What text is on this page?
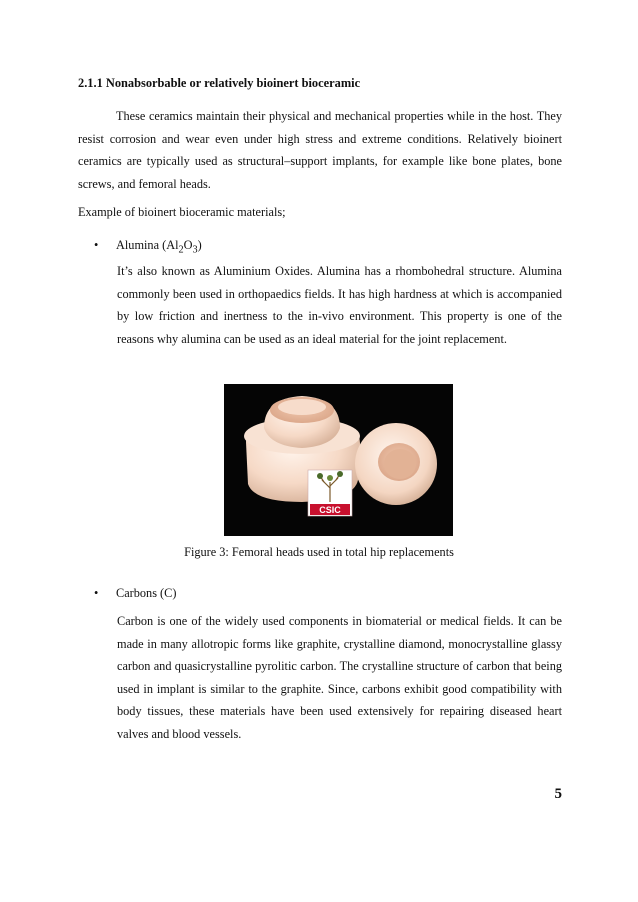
2.1.1 Nonabsorbable or relatively bioinert bioceramic
These ceramics maintain their physical and mechanical properties while in the host. They resist corrosion and wear even under high stress and extreme conditions. Relatively bioinert ceramics are typically used as structural–support implants, for example like bone plates, bone screws, and femoral heads.
Example of bioinert bioceramic materials;
• Alumina $(Al_2O_3)$
It’s also known as Aluminium Oxides. Alumina has a rhombohedral structure. Alumina commonly been used in orthopaedics fields. It has high hardness at which is accompanied by low friction and inertness to the in-vivo environment. This property is one of the reasons why alumina can be used as an ideal material for the joint replacement.
CSIC
Figure 3: Femoral heads used in total hip replacements
• Carbons (C)
Carbon is one of the widely used components in biomaterial or medical fields. It can be made in many allotropic forms like graphite, crystalline diamond, monocrystalline glassy carbon and quasicrystalline pyrolitic carbon. The crystalline structure of carbon that being used in implant is similar to the graphite. Since, carbons exhibit good compatibility with body tissues, these materials have been used extensively for repairing diseased heart valves and blood vessels.
5
